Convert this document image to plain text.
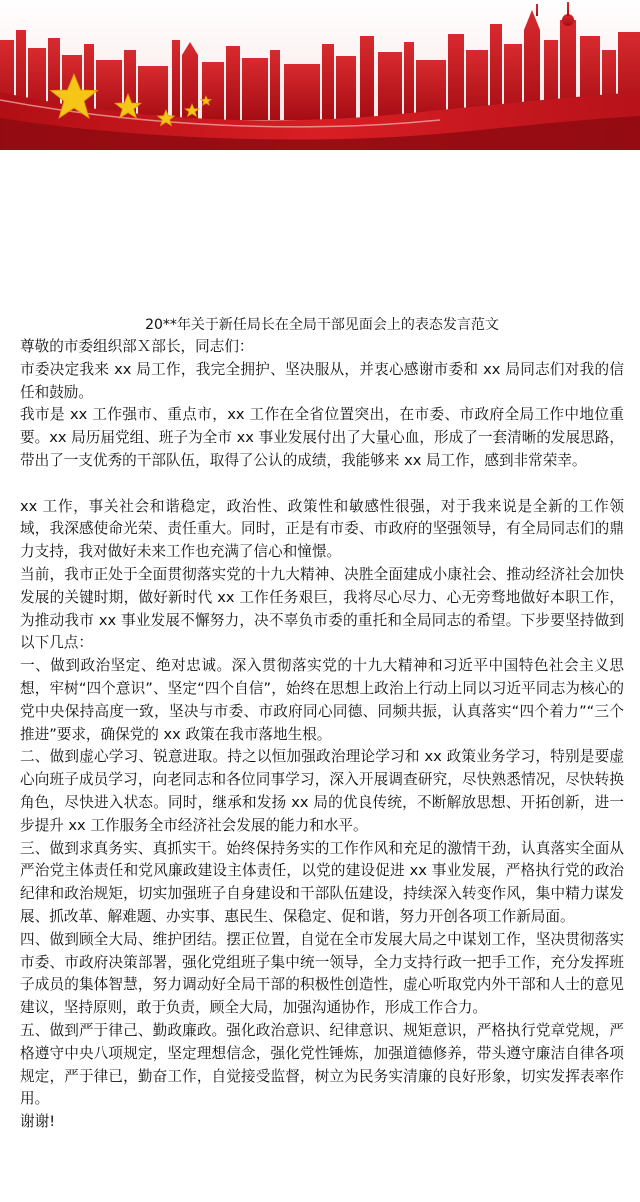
20**年关于新任局长在全局干部见面会上的表态发言范文

尊敬的市委组织部Ｘ部长，同志们：

市委决定我来 xx 局工作，我完全拥护、坚决服从，并衷心感谢市委和 xx 局同志们对我的信任和鼓励。

我市是 xx 工作强市、重点市，xx 工作在全省位置突出，在市委、市政府全局工作中地位重要。xx 局历届党组、班子为全市 xx 事业发展付出了大量心血，形成了一套清晰的发展思路，带出了一支优秀的干部队伍，取得了公认的成绩，我能够来 xx 局工作，感到非常荣幸。

xx 工作，事关社会和谐稳定，政治性、政策性和敏感性很强，对于我来说是全新的工作领域，我深感使命光荣、责任重大。同时，正是有市委、市政府的坚强领导，有全局同志们的鼎力支持，我对做好未来工作也充满了信心和憧憬。

当前，我市正处于全面贯彻落实党的十九大精神、决胜全面建成小康社会、推动经济社会加快发展的关键时期，做好新时代 xx 工作任务艰巨，我将尽心尽力、心无旁骛地做好本职工作，为推动我市 xx 事业发展不懈努力，决不辜负市委的重托和全局同志的希望。下步要坚持做到以下几点：

一、做到政治坚定、绝对忠诚。深入贯彻落实党的十九大精神和习近平中国特色社会主义思想，牢树“四个意识”、坚定“四个自信”，始终在思想上政治上行动上同以习近平同志为核心的党中央保持高度一致，坚决与市委、市政府同心同德、同频共振，认真落实“四个着力”“三个推进”要求，确保党的 xx 政策在我市落地生根。

二、做到虚心学习、锐意进取。持之以恒加强政治理论学习和 xx 政策业务学习，特别是要虚心向班子成员学习，向老同志和各位同事学习，深入开展调查研究，尽快熟悉情况，尽快转换角色，尽快进入状态。同时，继承和发扬 xx 局的优良传统，不断解放思想、开拓创新，进一步提升 xx 工作服务全市经济社会发展的能力和水平。

三、做到求真务实、真抓实干。始终保持务实的工作作风和充足的激情干劲，认真落实全面从严治党主体责任和党风廉政建设主体责任，以党的建设促进 xx 事业发展，严格执行党的政治纪律和政治规矩，切实加强班子自身建设和干部队伍建设，持续深入转变作风，集中精力谋发展、抓改革、解难题、办实事、惠民生、保稳定、促和谐，努力开创各项工作新局面。

四、做到顾全大局、维护团结。摆正位置，自觉在全市发展大局之中谋划工作，坚决贯彻落实市委、市政府决策部署，强化党组班子集中统一领导，全力支持行政一把手工作，充分发挥班子成员的集体智慧，努力调动好全局干部的积极性创造性，虚心听取党内外干部和人士的意见建议，坚持原则，敢于负责，顾全大局，加强沟通协作，形成工作合力。

五、做到严于律己、勤政廉政。强化政治意识、纪律意识、规矩意识，严格执行党章党规，严格遵守中央八项规定，坚定理想信念，强化党性锤炼，加强道德修养，带头遵守廉洁自律各项规定，严于律已，勤奋工作，自觉接受监督，树立为民务实清廉的良好形象，切实发挥表率作用。

谢谢!
